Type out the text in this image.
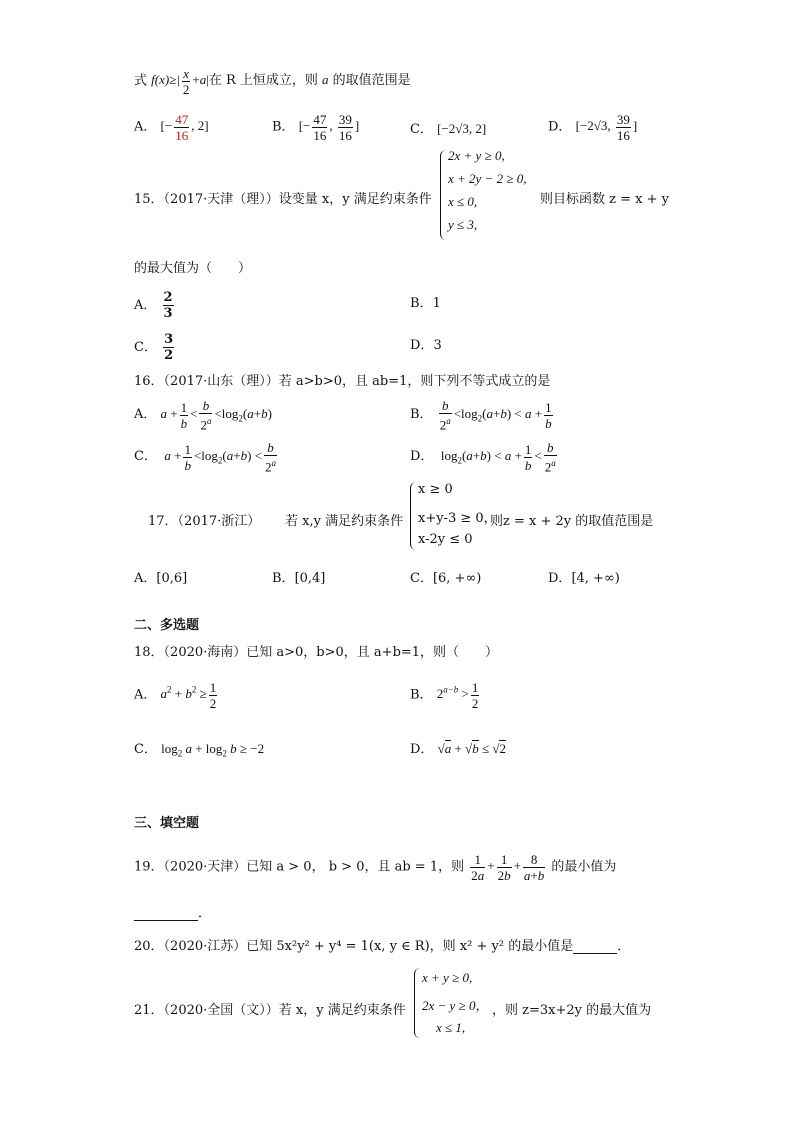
式 $f(x)\ge| \frac{x}{2} +a|$在 R 上恒成立，则 a 的取值范围是
A． [− $\frac{47}{16}$ , 2]	B． [− $\frac{47}{16}$ , $\frac{39}{16}$ ]	C． [−2√3, 2]	D． [−2√3, $\frac{39}{16}$ ]
15．（2017·天津（理））设变量 x，y 满足约束条件
2x + y ≥ 0,
x + 2y − 2 ≥ 0,
x ≤ 0,
y ≤ 3,
则目标函数 z = x + y
的最大值为（　　）
A． $\frac{2}{3}$	B．1
C． $\frac{3}{2}$	D．3
16．（2017·山东（理））若 a>b>0，且 ab=1，则下列不等式成立的是
A． $a + \frac{1}{b} < \frac{b}{2^a} <\log_2(a+b)$	B． $\frac{b}{2^a} <\log_2(a+b) < a + \frac{1}{b}$
C．  $a + \frac{1}{b} <\log_2(a+b) < \frac{b}{2^a}$	D． $\log_2(a+b) < a + \frac{1}{b} < \frac{b}{2^a}$
17．（2017·浙江） 若 x,y 满足约束条件
x ≥ 0
x+y-3 ≥ 0，
x-2y ≤ 0
则z = x + 2y 的取值范围是
A．[0,6]	B．[0,4]	C．[6, +∞)	D．[4, +∞)
二、多选题
18．（2020·海南）已知 a>0，b>0，且 a+b=1，则（　　）
A． $a^2 + b^2 \ge \frac{1}{2}$	B． $2^{a-b} > \frac{1}{2}$
C． $\log_2 a + \log_2 b \ge -2$	D． √a + √b ≤ √2
三、填空题
19．（2020·天津）已知 a > 0， b > 0，且 ab = 1，则 $\frac{1}{2a} + \frac{1}{2b} + \frac{8}{a+b}$ 的最小值为
．
20．（2020·江苏）已知 5x²y² + y⁴ = 1(x, y ∈ R)，则 x² + y² 的最小值是	．
21．（2020·全国（文））若 x，y 满足约束条件
x + y ≥ 0,
2x − y ≥ 0，
x ≤ 1,
，则 z=3x+2y 的最大值为
